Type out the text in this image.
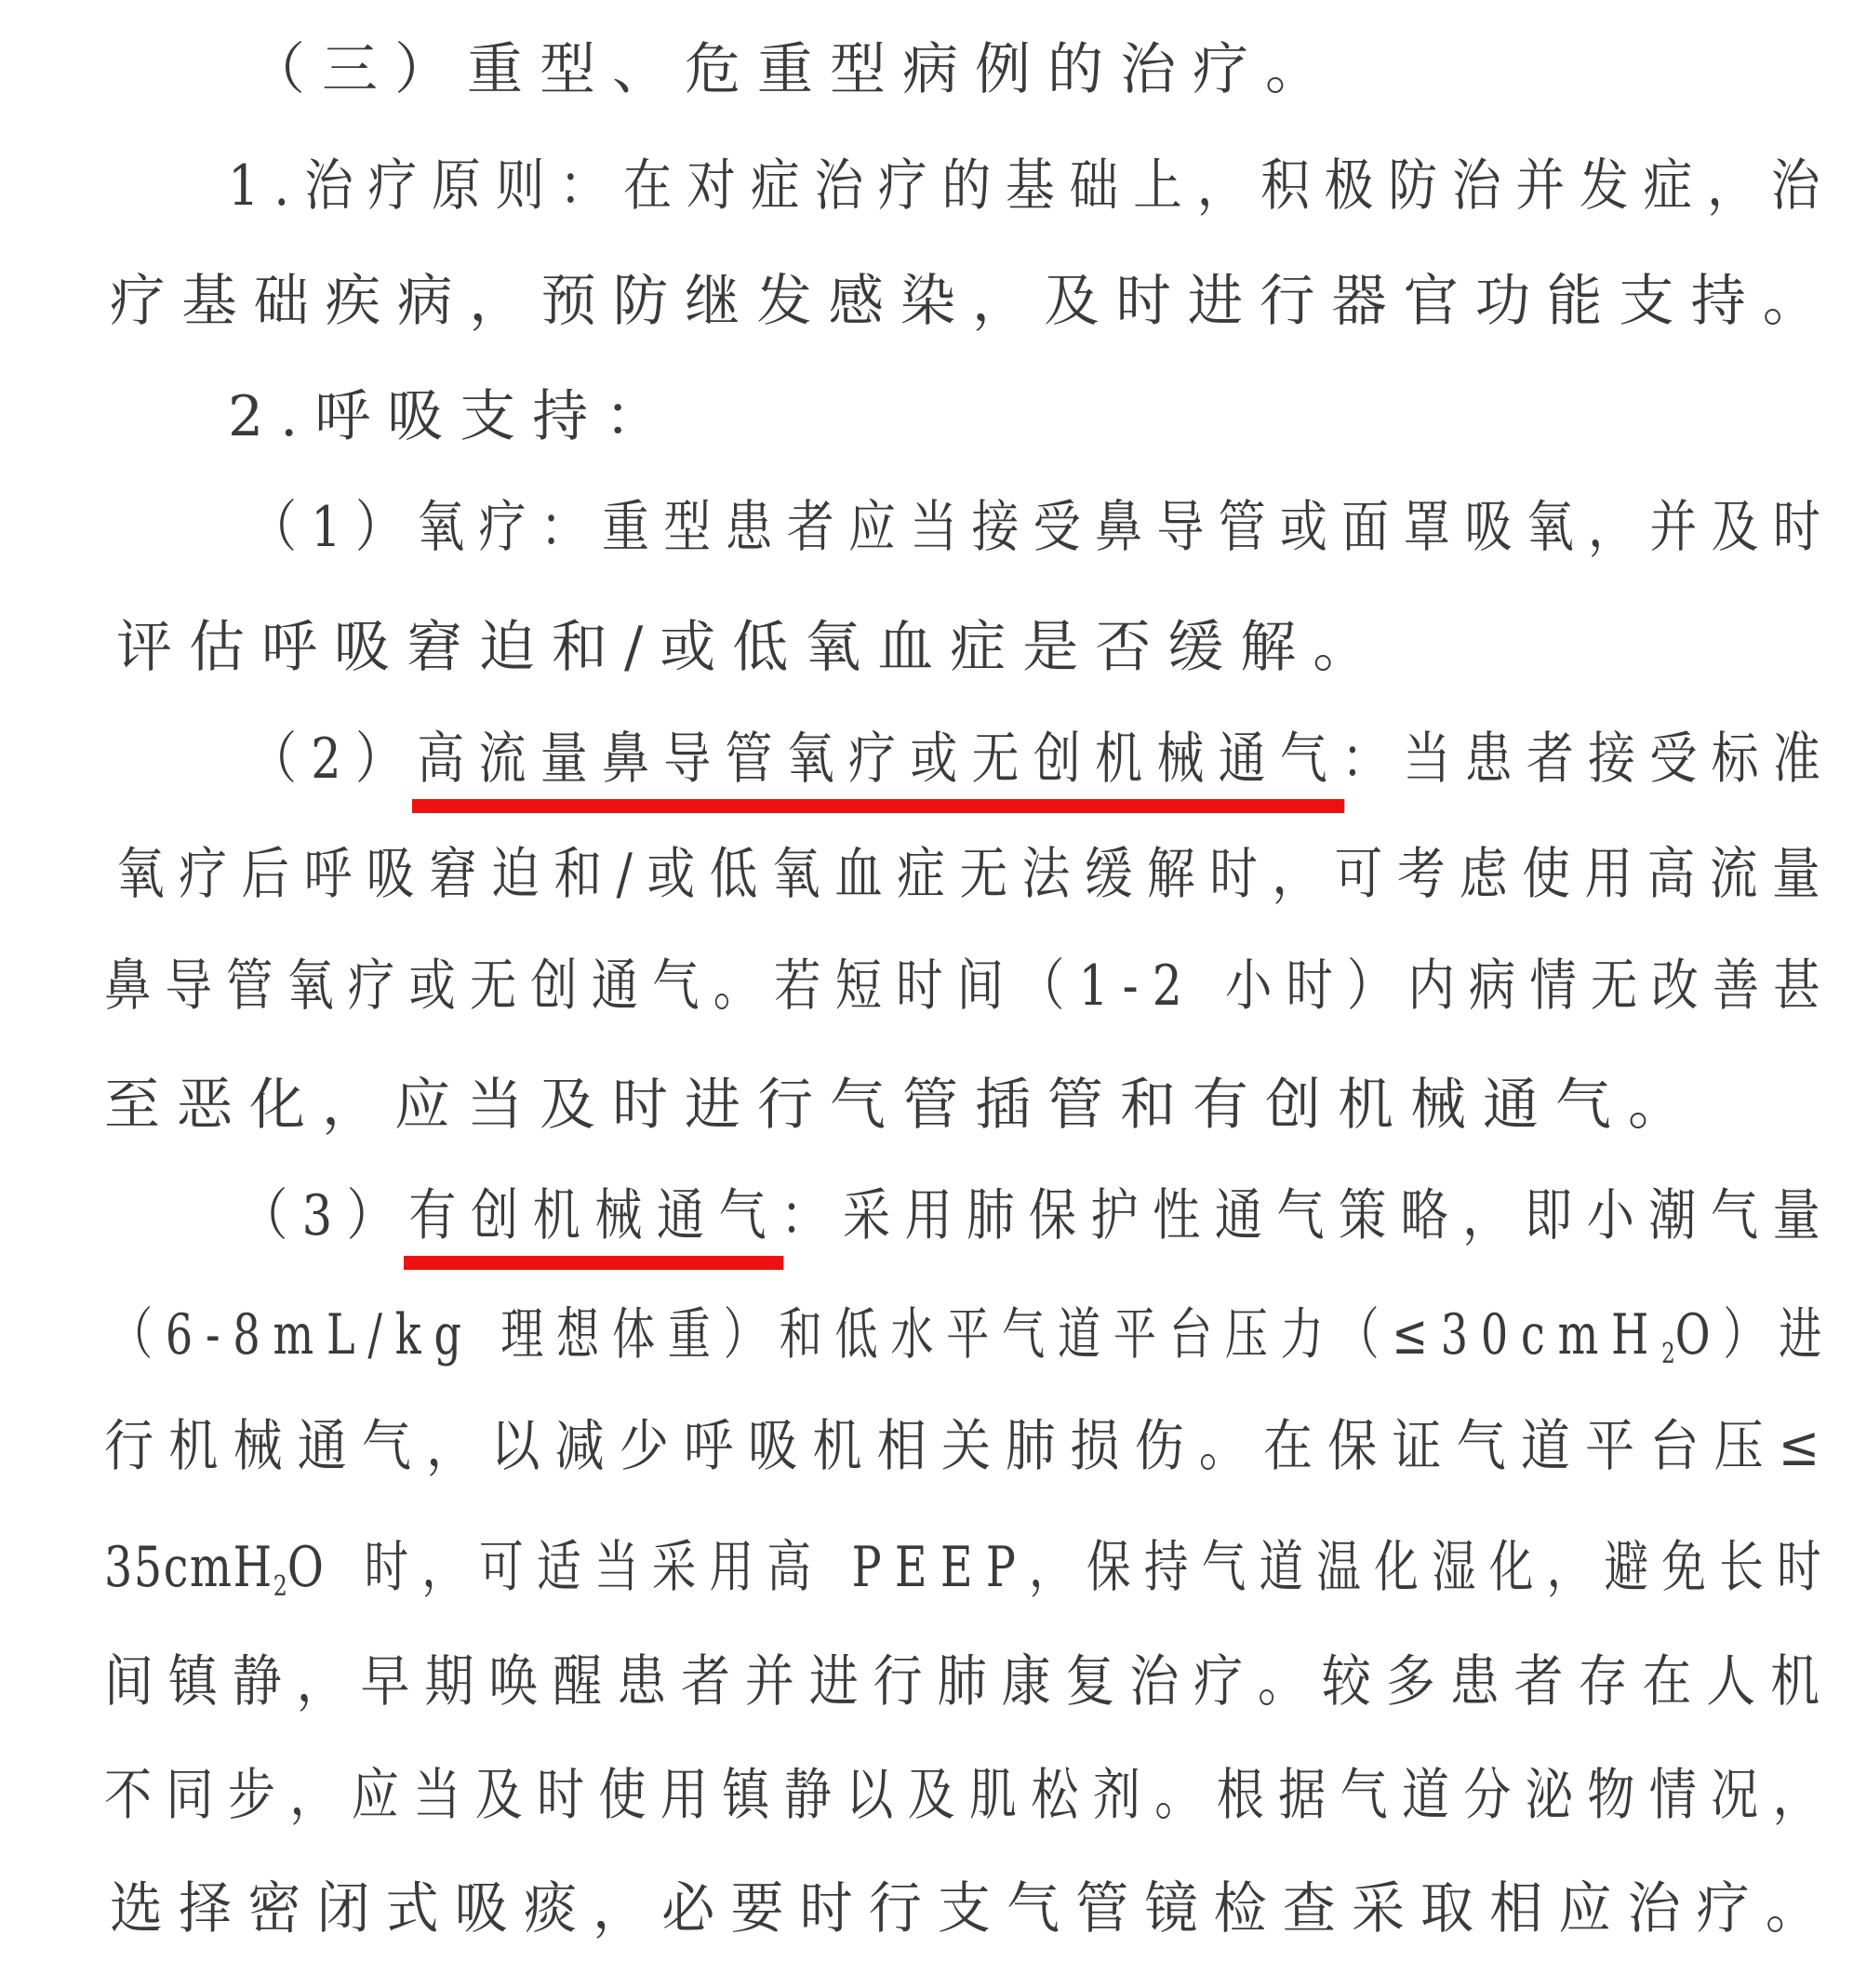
（三）重型、危重型病例的治疗。
1.治疗原则：在对症治疗的基础上，积极防治并发症，治
疗基础疾病，预防继发感染，及时进行器官功能支持。
2.呼吸支持：
（1）氧疗：重型患者应当接受鼻导管或面罩吸氧，并及时
评估呼吸窘迫和/或低氧血症是否缓解。
（2）高流量鼻导管氧疗或无创机械通气：当患者接受标准
氧疗后呼吸窘迫和/或低氧血症无法缓解时，可考虑使用高流量
鼻导管氧疗或无创通气。若短时间（1-2 小时）内病情无改善甚
至恶化，应当及时进行气管插管和有创机械通气。
（3）有创机械通气：采用肺保护性通气策略，即小潮气量
（6-8mL/kg 理想体重）和低水平气道平台压力（≤30cmH$_2$O）进
行机械通气，以减少呼吸机相关肺损伤。在保证气道平台压≤
35cmH$_2$O 时，可适当采用高 PEEP，保持气道温化湿化，避免长时
间镇静，早期唤醒患者并进行肺康复治疗。较多患者存在人机
不同步，应当及时使用镇静以及肌松剂。根据气道分泌物情况，
选择密闭式吸痰，必要时行支气管镜检查采取相应治疗。
